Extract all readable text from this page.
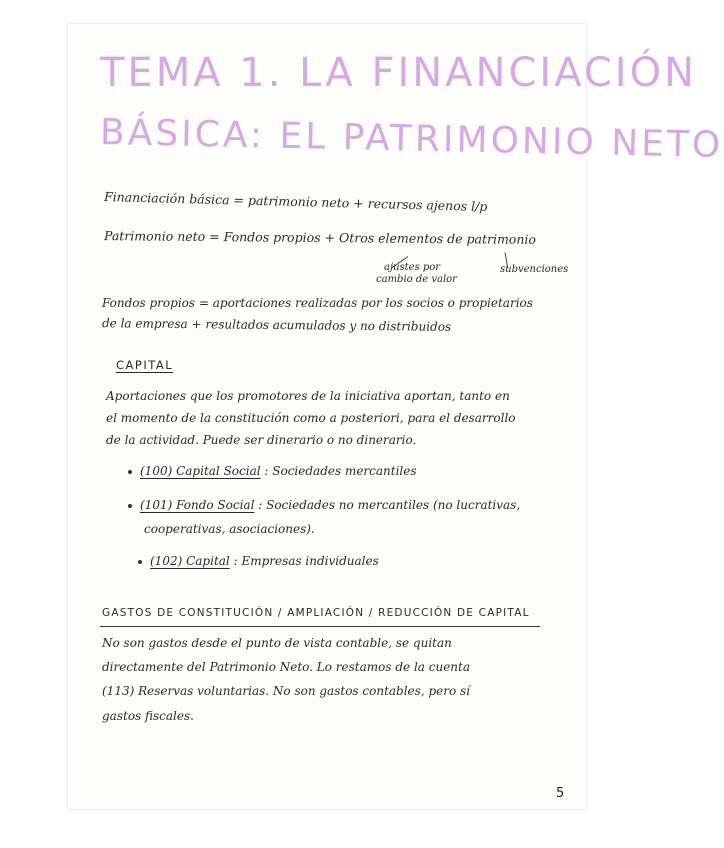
TEMA 1. LA FINANCIACIÓN
BÁSICA: EL PATRIMONIO NETO
Financiación básica = patrimonio neto + recursos ajenos l/p
Patrimonio neto = Fondos propios + Otros elementos de patrimonio
ajustes por
cambio de valor
subvenciones
Fondos propios = aportaciones realizadas por los socios o propietarios
de la empresa + resultados acumulados y no distribuidos
CAPITAL
Aportaciones que los promotores de la iniciativa aportan, tanto en
el momento de la constitución como a posteriori, para el desarrollo
de la actividad. Puede ser dinerario o no dinerario.
(100) Capital Social : Sociedades mercantiles
(101) Fondo Social : Sociedades no mercantiles (no lucrativas,
cooperativas, asociaciones).
(102) Capital : Empresas individuales
GASTOS DE CONSTITUCIÓN / AMPLIACIÓN / REDUCCIÓN DE CAPITAL
No son gastos desde el punto de vista contable, se quitan
directamente del Patrimonio Neto. Lo restamos de la cuenta
(113) Reservas voluntarias. No son gastos contables, pero sí
gastos fiscales.
5
